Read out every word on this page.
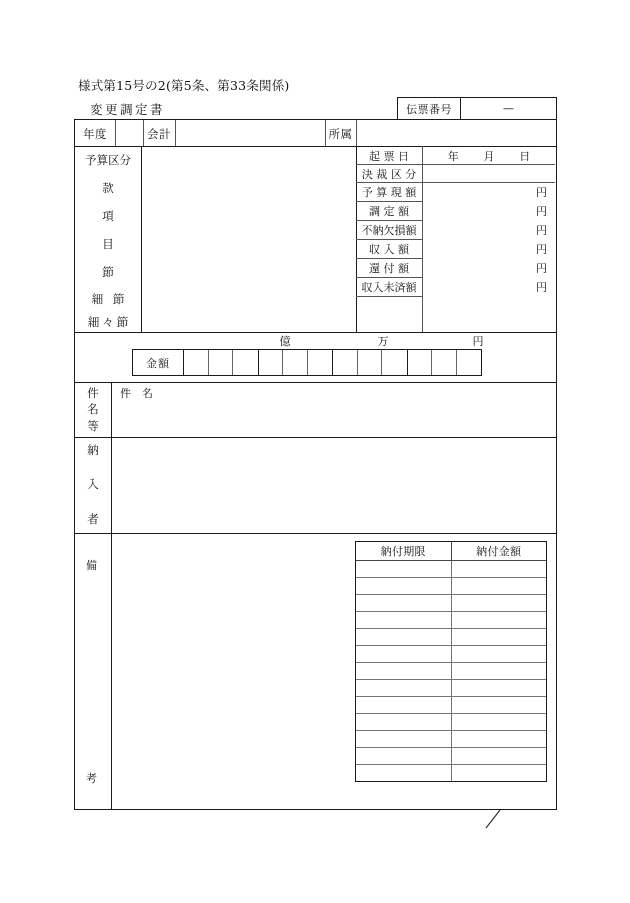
様式第15号の2(第5条、第33条関係)
変更調定書	伝票番号	—
年度	会計	所属
予算区分
款
項
目
節
細 節
細々節
起 票 日	年 月 日
決 裁 区 分
予 算 現 額	円
調 定 額	円
不納欠損額	円
収 入 額	円
還 付 額	円
収入未済額	円
件
名
等
件　名
納
入
者
備
考
億	万	円
金額
納付期限	納付金額
